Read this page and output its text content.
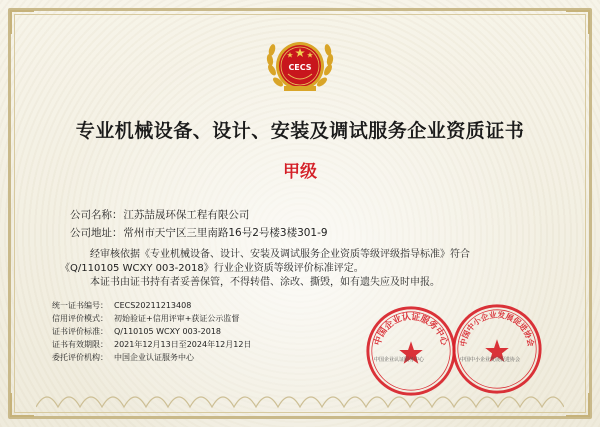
CECS
专业机械设备、设计、安装及调试服务企业资质证书
甲级
公司名称： 江苏喆晟环保工程有限公司
公司地址： 常州市天宁区三里南路16号2号楼3楼301-9

经审核依据《专业机械设备、设计、安装及调试服务企业资质等级评级指导标准》符合

《Q/110105 WCXY 003-2018》行业企业资质等级评价标准评定。

本证书由证书持有者妥善保管，不得转借、涂改、撕毁，如有遗失应及时申报。

统一证书编号： CECS20211213408
信用评价模式： 初始验证+信用评审+获证公示监督
证书评价标准： Q/110105 WCXY 003-2018
证书有效期限： 2021年12月13日至2024年12月12日
委托评价机构： 中国企业认证服务中心
中国企业认证服务中心
中国企业认证服务中心
中国中小企业发展促进协会
中国中小企业发展促进协会
